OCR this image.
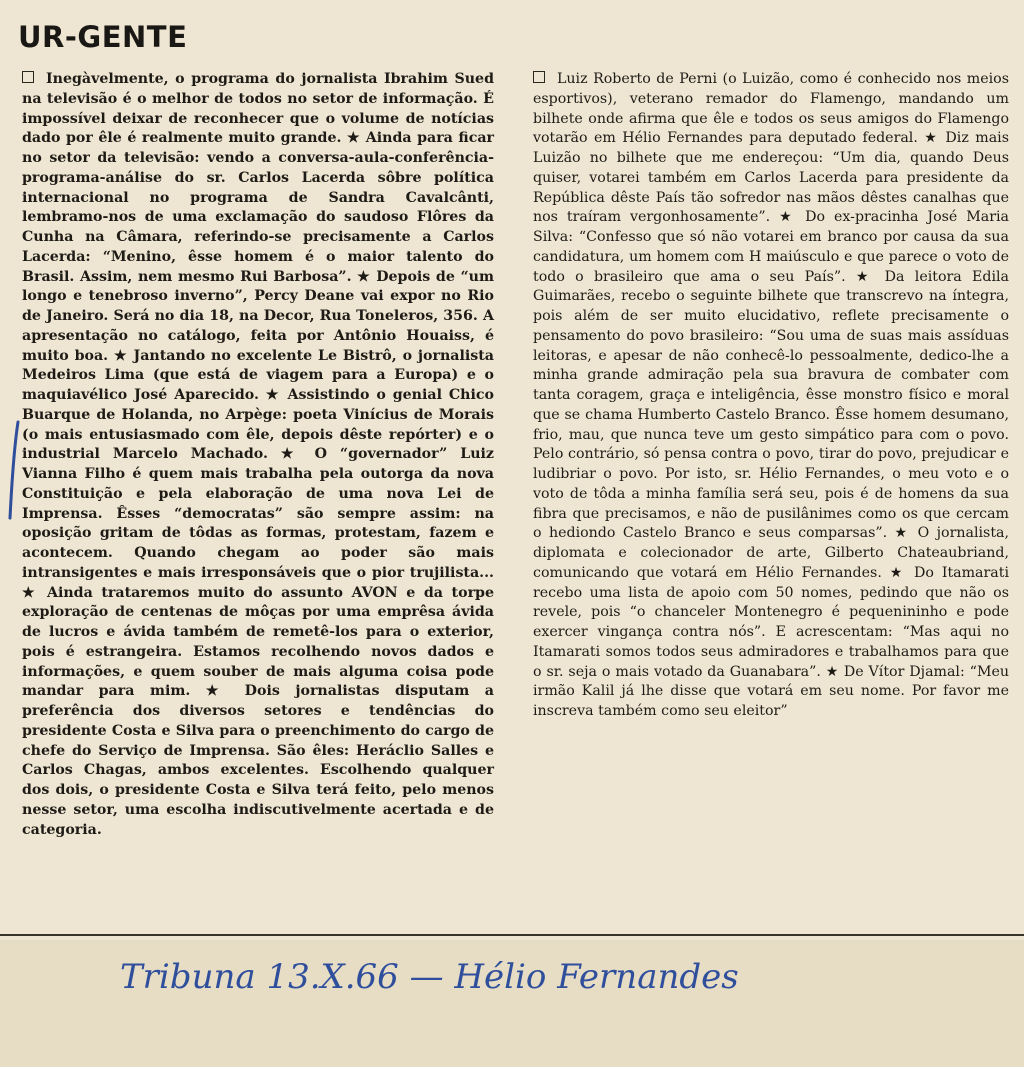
UR-GENTE

Inegàvelmente, o programa do jornalista Ibrahim Sued na televisão é o melhor de todos no setor de informação. É impossível deixar de reconhecer que o volume de notícias dado por êle é realmente muito grande. ★ Ainda para ficar no setor da televisão: vendo a conversa-aula-conferência-programa-análise do sr. Carlos Lacerda sôbre política internacional no programa de Sandra Cavalcânti, lembramo-nos de uma exclamação do saudoso Flôres da Cunha na Câmara, referindo-se precisamente a Carlos Lacerda: “Menino, êsse homem é o maior talento do Brasil. Assim, nem mesmo Rui Barbosa”. ★ Depois de “um longo e tenebroso inverno”, Percy Deane vai expor no Rio de Janeiro. Será no dia 18, na Decor, Rua Toneleros, 356. A apresentação no catálogo, feita por Antônio Houaiss, é muito boa. ★ Jantando no excelente Le Bistrô, o jornalista Medeiros Lima (que está de viagem para a Europa) e o maquiavélico José Aparecido. ★ Assistindo o genial Chico Buarque de Holanda, no Arpège: poeta Vinícius de Morais (o mais entusiasmado com êle, depois dêste repórter) e o industrial Marcelo Machado. ★ O “governador” Luiz Vianna Filho é quem mais trabalha pela outorga da nova Constituição e pela elaboração de uma nova Lei de Imprensa. Êsses “democratas” são sempre assim: na oposição gritam de tôdas as formas, protestam, fazem e acontecem. Quando chegam ao poder são mais intransigentes e mais irresponsáveis que o pior trujilista... ★ Ainda trataremos muito do assunto AVON e da torpe exploração de centenas de môças por uma emprêsa ávida de lucros e ávida também de remetê-los para o exterior, pois é estrangeira. Estamos recolhendo novos dados e informações, e quem souber de mais alguma coisa pode mandar para mim. ★ Dois jornalistas disputam a preferência dos diversos setores e tendências do presidente Costa e Silva para o preenchimento do cargo de chefe do Serviço de Imprensa. São êles: Heráclio Salles e Carlos Chagas, ambos excelentes. Escolhendo qualquer dos dois, o presidente Costa e Silva terá feito, pelo menos nesse setor, uma escolha indiscutivelmente acertada e de categoria.

Luiz Roberto de Perni (o Luizão, como é conhecido nos meios esportivos), veterano remador do Flamengo, mandando um bilhete onde afirma que êle e todos os seus amigos do Flamengo votarão em Hélio Fernandes para deputado federal. ★ Diz mais Luizão no bilhete que me endereçou: “Um dia, quando Deus quiser, votarei também em Carlos Lacerda para presidente da República dêste País tão sofredor nas mãos dêstes canalhas que nos traíram vergonhosamente”. ★ Do ex-pracinha José Maria Silva: “Confesso que só não votarei em branco por causa da sua candidatura, um homem com H maiúsculo e que parece o voto de todo o brasileiro que ama o seu País”. ★ Da leitora Edila Guimarães, recebo o seguinte bilhete que transcrevo na íntegra, pois além de ser muito elucidativo, reflete precisamente o pensamento do povo brasileiro: “Sou uma de suas mais assíduas leitoras, e apesar de não conhecê-lo pessoalmente, dedico-lhe a minha grande admiração pela sua bravura de combater com tanta coragem, graça e inteligência, êsse monstro físico e moral que se chama Humberto Castelo Branco. Êsse homem desumano, frio, mau, que nunca teve um gesto simpático para com o povo. Pelo contrário, só pensa contra o povo, tirar do povo, prejudicar e ludibriar o povo. Por isto, sr. Hélio Fernandes, o meu voto e o voto de tôda a minha família será seu, pois é de homens da sua fibra que precisamos, e não de pusilânimes como os que cercam o hediondo Castelo Branco e seus comparsas”. ★ O jornalista, diplomata e colecionador de arte, Gilberto Chateaubriand, comunicando que votará em Hélio Fernandes. ★ Do Itamarati recebo uma lista de apoio com 50 nomes, pedindo que não os revele, pois “o chanceler Montenegro é pequenininho e pode exercer vingança contra nós”. E acrescentam: “Mas aqui no Itamarati somos todos seus admiradores e trabalhamos para que o sr. seja o mais votado da Guanabara”. ★ De Vítor Djamal: “Meu irmão Kalil já lhe disse que votará em seu nome. Por favor me inscreva também como seu eleitor”

Tribuna 13.X.66 — Hélio Fernandes
